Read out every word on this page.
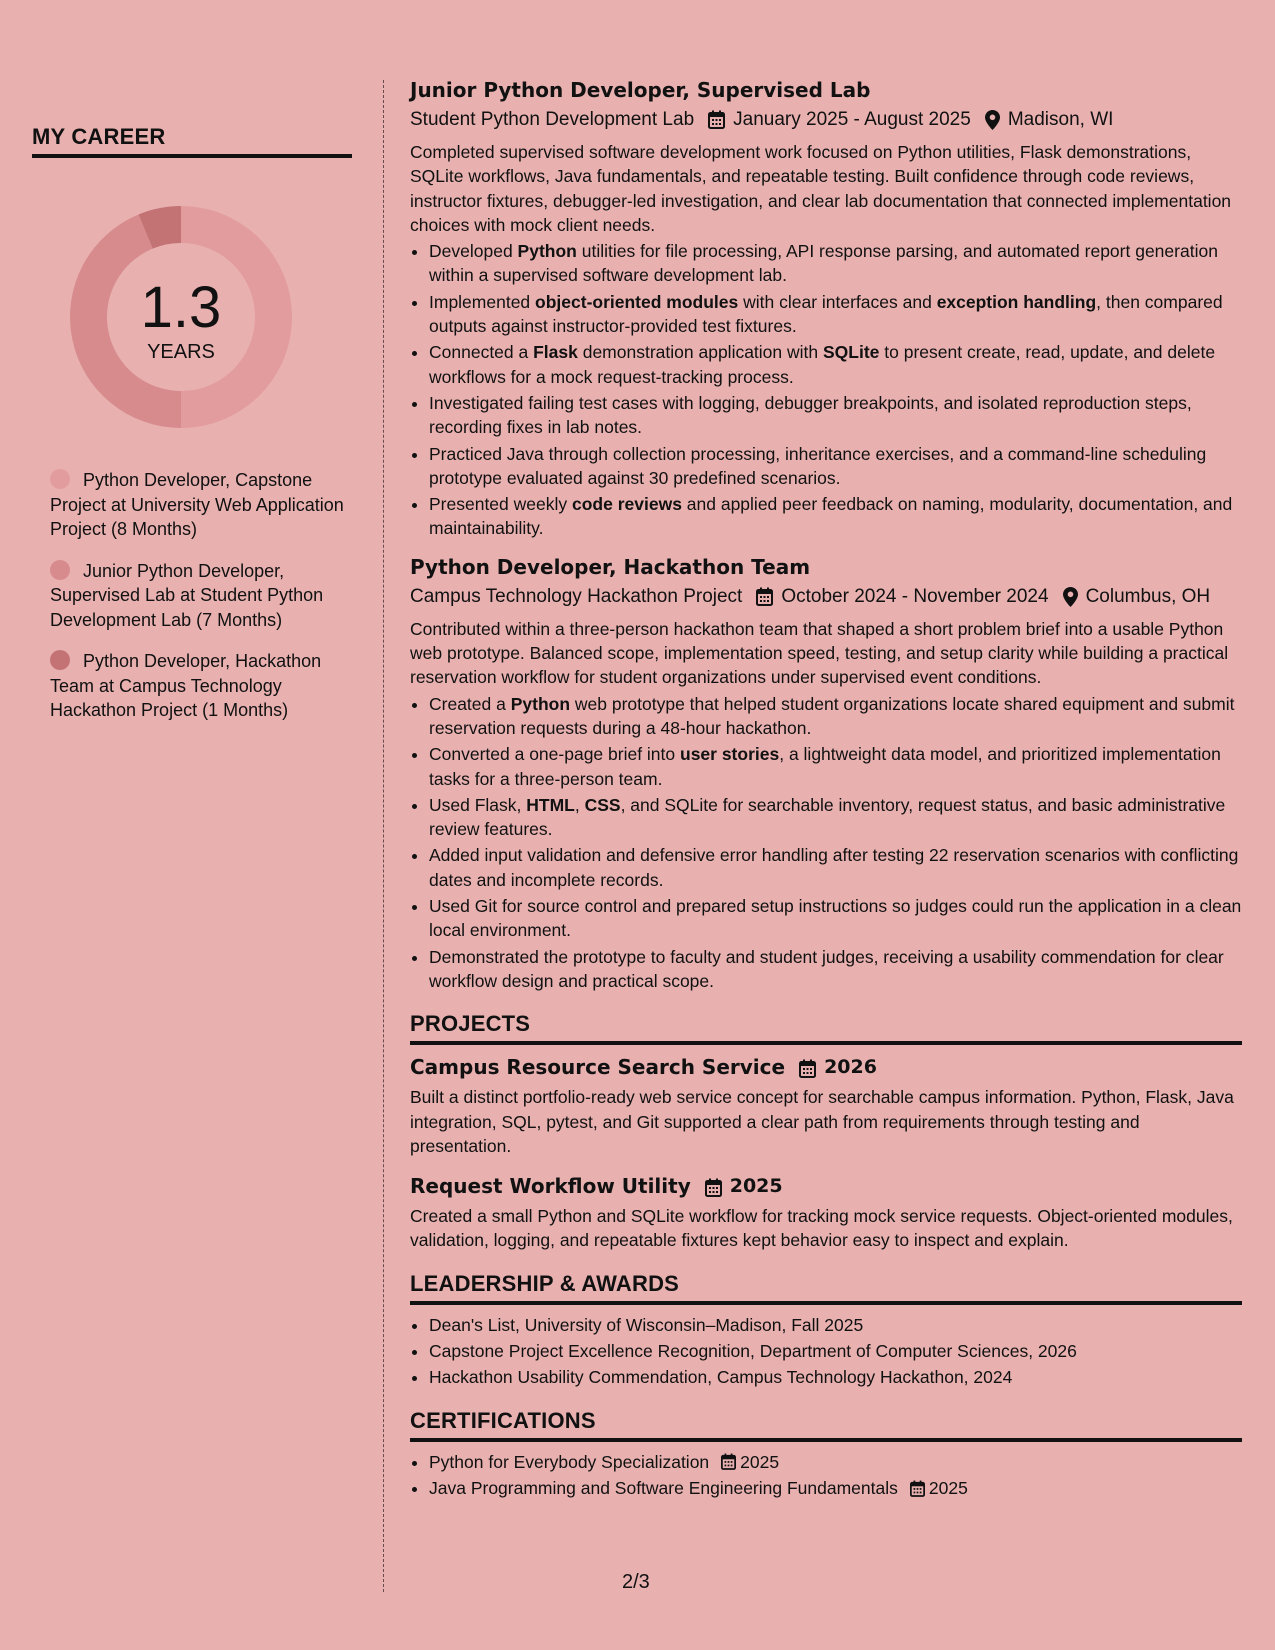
MY CAREER
1.3
YEARS
Python Developer, Capstone Project at University Web Application Project (8 Months)
Junior Python Developer, Supervised Lab at Student Python Development Lab (7 Months)
Python Developer, Hackathon Team at Campus Technology Hackathon Project (1 Months)
Junior Python Developer, Supervised Lab
Student Python Development Lab January 2025 - August 2025 Madison, WI
Completed supervised software development work focused on Python utilities, Flask demonstrations, SQLite workflows, Java fundamentals, and repeatable testing. Built confidence through code reviews, instructor fixtures, debugger-led investigation, and clear lab documentation that connected implementation choices with mock client needs.
• Developed Python utilities for file processing, API response parsing, and automated report generation within a supervised software development lab.
• Implemented object-oriented modules with clear interfaces and exception handling, then compared outputs against instructor-provided test fixtures.
• Connected a Flask demonstration application with SQLite to present create, read, update, and delete workflows for a mock request-tracking process.
• Investigated failing test cases with logging, debugger breakpoints, and isolated reproduction steps, recording fixes in lab notes.
• Practiced Java through collection processing, inheritance exercises, and a command-line scheduling prototype evaluated against 30 predefined scenarios.
• Presented weekly code reviews and applied peer feedback on naming, modularity, documentation, and maintainability.
Python Developer, Hackathon Team
Campus Technology Hackathon Project October 2024 - November 2024 Columbus, OH
Contributed within a three-person hackathon team that shaped a short problem brief into a usable Python web prototype. Balanced scope, implementation speed, testing, and setup clarity while building a practical reservation workflow for student organizations under supervised event conditions.
• Created a Python web prototype that helped student organizations locate shared equipment and submit reservation requests during a 48-hour hackathon.
• Converted a one-page brief into user stories, a lightweight data model, and prioritized implementation tasks for a three-person team.
• Used Flask, HTML, CSS, and SQLite for searchable inventory, request status, and basic administrative review features.
• Added input validation and defensive error handling after testing 22 reservation scenarios with conflicting dates and incomplete records.
• Used Git for source control and prepared setup instructions so judges could run the application in a clean local environment.
• Demonstrated the prototype to faculty and student judges, receiving a usability commendation for clear workflow design and practical scope.
PROJECTS
Campus Resource Search Service 2026
Built a distinct portfolio-ready web service concept for searchable campus information. Python, Flask, Java integration, SQL, pytest, and Git supported a clear path from requirements through testing and presentation.
Request Workflow Utility 2025
Created a small Python and SQLite workflow for tracking mock service requests. Object-oriented modules, validation, logging, and repeatable fixtures kept behavior easy to inspect and explain.
LEADERSHIP & AWARDS
• Dean's List, University of Wisconsin–Madison, Fall 2025
• Capstone Project Excellence Recognition, Department of Computer Sciences, 2026
• Hackathon Usability Commendation, Campus Technology Hackathon, 2024
CERTIFICATIONS
• Python for Everybody Specialization 2025
• Java Programming and Software Engineering Fundamentals 2025
2/3
